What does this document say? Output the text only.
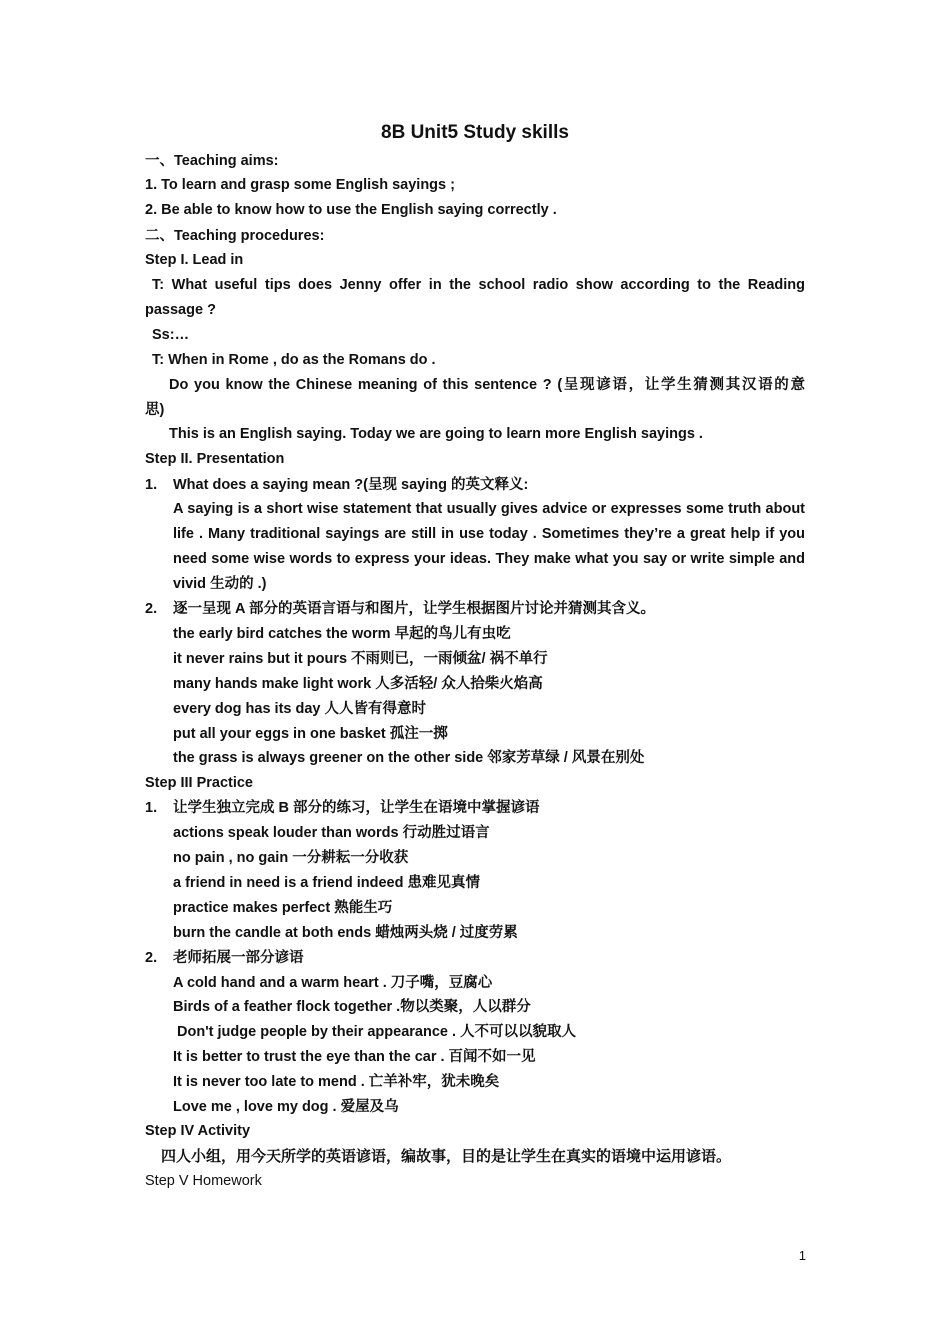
8B Unit5 Study skills
一、Teaching aims:
1. To learn and grasp some English sayings ;
2. Be able to know how to use the English saying correctly .
二、Teaching procedures:
Step I. Lead in
T: What useful tips does Jenny offer in the school radio show according to the Reading
passage ?
Ss:…
T: When in Rome , do as the Romans do .
Do you know the Chinese meaning of this sentence ? (呈现谚语，让学生猜测其汉语的意
思)
This is an English saying. Today we are going to learn more English sayings .
Step II. Presentation
1. What does a saying mean ?(呈现 saying 的英文释义:
A saying is a short wise statement that usually gives advice or expresses some truth about
life . Many traditional sayings are still in use today . Sometimes they’re a great help if you
need some wise words to express your ideas. They make what you say or write simple and
vivid 生动的 .)
2. 逐一呈现 A 部分的英语言语与和图片，让学生根据图片讨论并猜测其含义。
the early bird catches the worm 早起的鸟儿有虫吃
it never rains but it pours 不雨则已，一雨倾盆/ 祸不单行
many hands make light work 人多活轻/ 众人拾柴火焰高
every dog has its day 人人皆有得意时
put all your eggs in one basket 孤注一掷
the grass is always greener on the other side 邻家芳草绿 / 风景在别处
Step III Practice
1. 让学生独立完成 B 部分的练习，让学生在语境中掌握谚语
actions speak louder than words 行动胜过语言
no pain , no gain 一分耕耘一分收获
a friend in need is a friend indeed 患难见真情
practice makes perfect 熟能生巧
burn the candle at both ends 蜡烛两头烧 / 过度劳累
2. 老师拓展一部分谚语
A cold hand and a warm heart . 刀子嘴，豆腐心
Birds of a feather flock together .物以类聚，人以群分
Don't judge people by their appearance . 人不可以以貌取人
It is better to trust the eye than the car . 百闻不如一见
It is never too late to mend . 亡羊补牢，犹未晚矣
Love me , love my dog . 爱屋及乌
Step IV Activity
四人小组，用今天所学的英语谚语，编故事，目的是让学生在真实的语境中运用谚语。
Step V Homework
1
